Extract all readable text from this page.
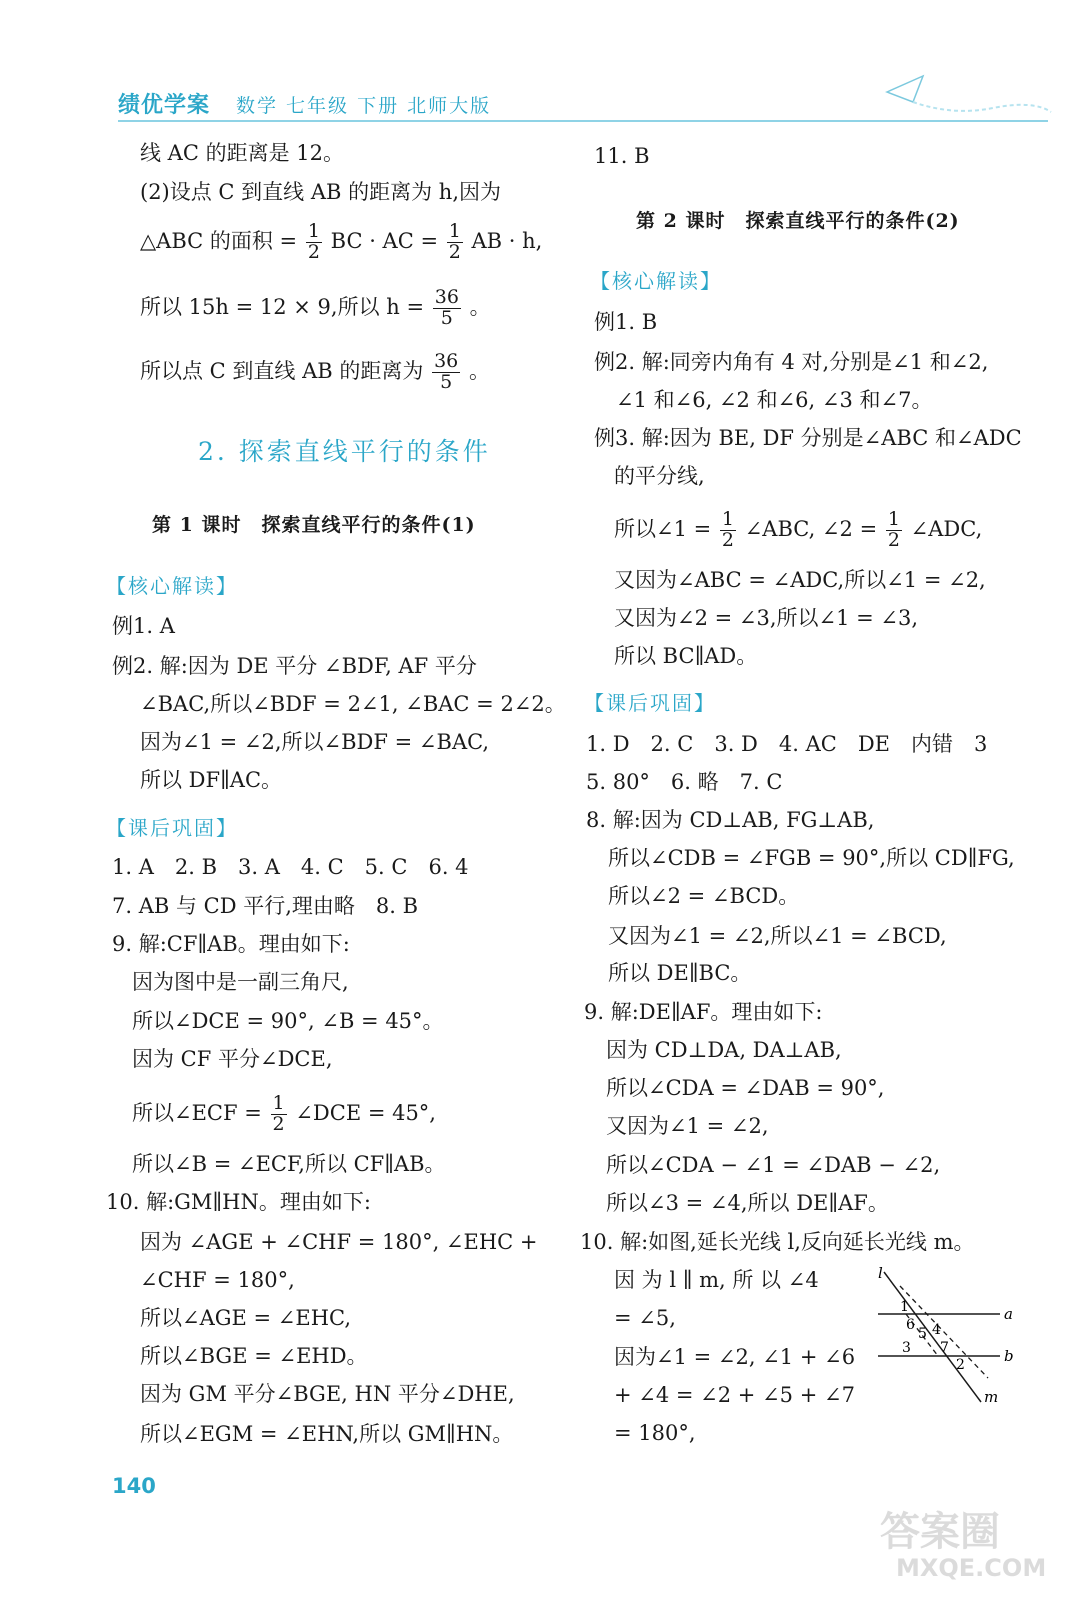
绩优学案 数学 七年级 下册 北师大版
线 AC 的距离是 12。
(2)设点 C 到直线 AB 的距离为 h,因为
△ABC 的面积 = $\frac{1}{2}$ BC · AC = $\frac{1}{2}$ AB · h,
所以 15h = 12 × 9,所以 $h = \frac{36}{5}$ 。
所以点 C 到直线 AB 的距离为 $\frac{36}{5}$ 。
2. 探索直线平行的条件
第 1 课时　探索直线平行的条件(1)
【核心解读】
例1. A
例2. 解:因为 DE 平分 ∠BDF, AF 平分
∠BAC,所以∠BDF = 2∠1, ∠BAC = 2∠2。
因为∠1 = ∠2,所以∠BDF = ∠BAC,
所以 DF∥AC。
【课后巩固】
1. A　2. B　3. A　4. C　5. C　6. 4
7. AB 与 CD 平行,理由略　8. B
9. 解:CF∥AB。理由如下:
因为图中是一副三角尺,
所以∠DCE = 90°, ∠B = 45°。
因为 CF 平分∠DCE,
所以∠ECF = $\frac{1}{2}$ ∠DCE = 45°,
所以∠B = ∠ECF,所以 CF∥AB。
10. 解:GM∥HN。理由如下:
因为 ∠AGE + ∠CHF = 180°, ∠EHC +
∠CHF = 180°,
所以∠AGE = ∠EHC,
所以∠BGE = ∠EHD。
因为 GM 平分∠BGE, HN 平分∠DHE,
所以∠EGM = ∠EHN,所以 GM∥HN。
11. B
第 2 课时　探索直线平行的条件(2)
【核心解读】
例1. B
例2. 解:同旁内角有 4 对,分别是∠1 和∠2,
∠1 和∠6, ∠2 和∠6, ∠3 和∠7。
例3. 解:因为 BE, DF 分别是∠ABC 和∠ADC
的平分线,
所以∠1 = $\frac{1}{2}$ ∠ABC, ∠2 = $\frac{1}{2}$ ∠ADC,
又因为∠ABC = ∠ADC,所以∠1 = ∠2,
又因为∠2 = ∠3,所以∠1 = ∠3,
所以 BC∥AD。
【课后巩固】
1. D　2. C　3. D　4. AC　DE　内错　3
5. 80°　6. 略　7. C
8. 解:因为 CD⊥AB, FG⊥AB,
所以∠CDB = ∠FGB = 90°,所以 CD∥FG,
所以∠2 = ∠BCD。
又因为∠1 = ∠2,所以∠1 = ∠BCD,
所以 DE∥BC。
9. 解:DE∥AF。理由如下:
因为 CD⊥DA, DA⊥AB,
所以∠CDA = ∠DAB = 90°,
又因为∠1 = ∠2,
所以∠CDA − ∠1 = ∠DAB − ∠2,
所以∠3 = ∠4,所以 DE∥AF。
10. 解:如图,延长光线 l,反向延长光线 m。
因 为 l ∥ m, 所 以 ∠4
= ∠5,
因为∠1 = ∠2, ∠1 + ∠6
+ ∠4 = ∠2 + ∠5 + ∠7
= 180°,
l
m
a
b
1
6
5 4
3 7
2
140
答案圈
MXQE.COM
